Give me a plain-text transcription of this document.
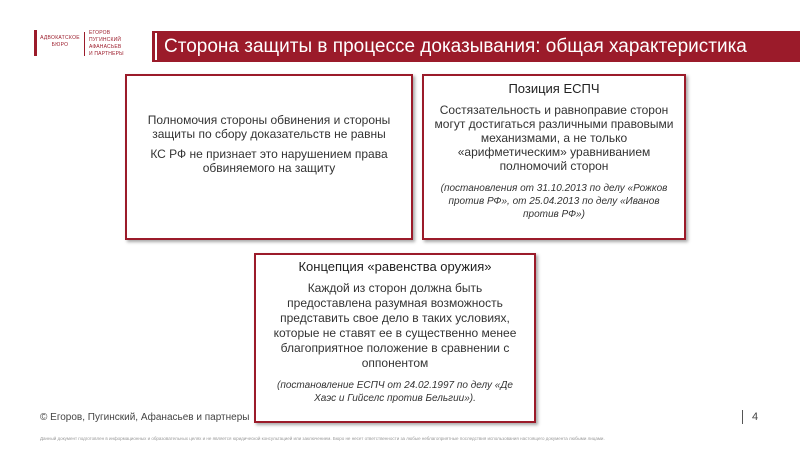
АДВОКАТСКОЕ
БЮРО
ЕГОРОВ
ПУГИНСКИЙ
АФАНАСЬЕВ
И ПАРТНЕРЫ	Сторона защиты в процессе доказывания: общая характеристика

Полномочия стороны обвинения и стороны защиты по сбору доказательств не равны

КС РФ не признает это нарушением права обвиняемого на защиту

Позиция ЕСПЧ

Состязательность и равноправие сторон могут достигаться различными правовыми механизмами, а не только «арифметическим» уравниванием полномочий сторон

(постановления от 31.10.2013 по делу «Рожков против РФ», от 25.04.2013 по делу «Иванов против РФ»)

Концепция «равенства оружия»

Каждой из сторон должна быть предоставлена разумная возможность представить свое дело в таких условиях, которые не ставят ее в существенно менее благоприятное положение в сравнении с оппонентом

(постановление ЕСПЧ от 24.02.1997 по делу «Де Хаэс и Гийселс против Бельгии»).

© Егоров, Пугинский, Афанасьев и партнеры	4
Данный документ подготовлен в информационных и образовательных целях и не является юридической консультацией или заключением. Бюро не несет ответственности за любые неблагоприятные последствия использования настоящего документа любыми лицами.
